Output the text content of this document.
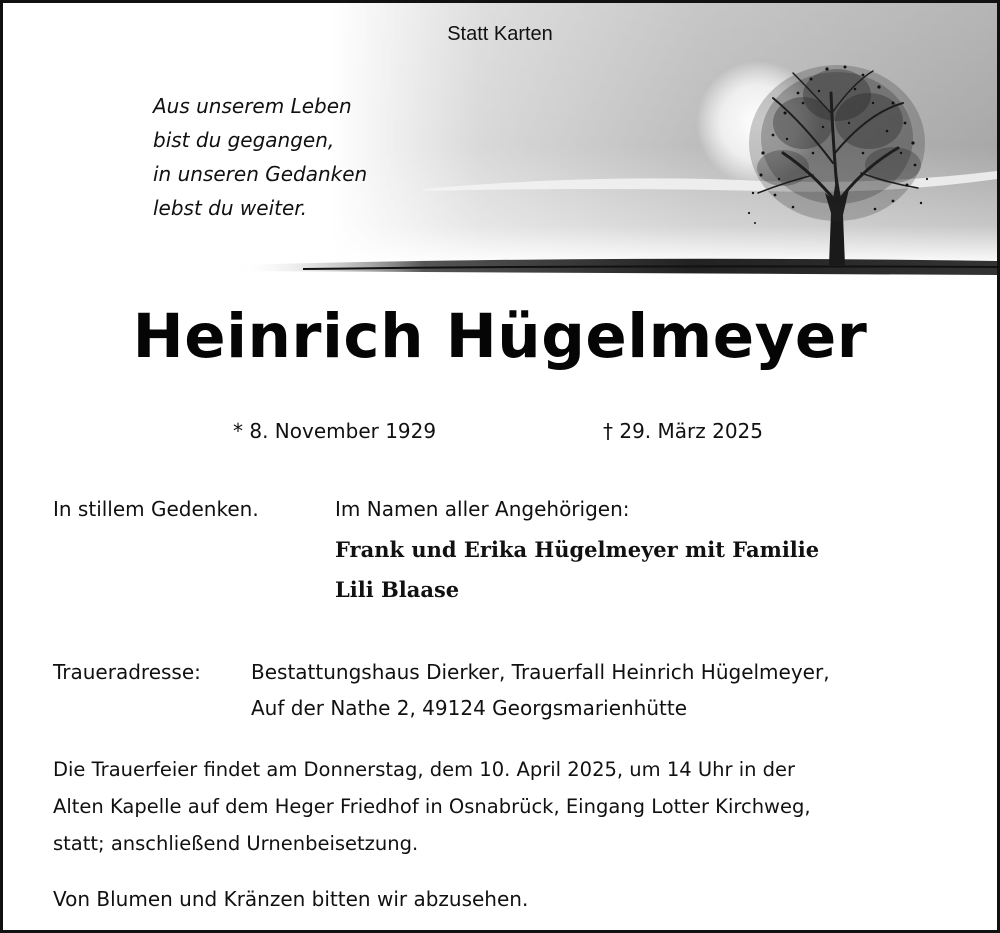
Statt Karten
Aus unserem Leben
bist du gegangen,
in unseren Gedanken
lebst du weiter.
Heinrich Hügelmeyer
* 8. November 1929	† 29. März 2025
In stillem Gedenken.	Im Namen aller Angehörigen:
Frank und Erika Hügelmeyer mit Familie
Lili Blaase
Traueradresse:	Bestattungshaus Dierker, Trauerfall Heinrich Hügelmeyer,
Auf der Nathe 2, 49124 Georgsmarienhütte
Die Trauerfeier findet am Donnerstag, dem 10. April 2025, um 14 Uhr in der
Alten Kapelle auf dem Heger Friedhof in Osnabrück, Eingang Lotter Kirchweg,
statt; anschließend Urnenbeisetzung.
Von Blumen und Kränzen bitten wir abzusehen.
